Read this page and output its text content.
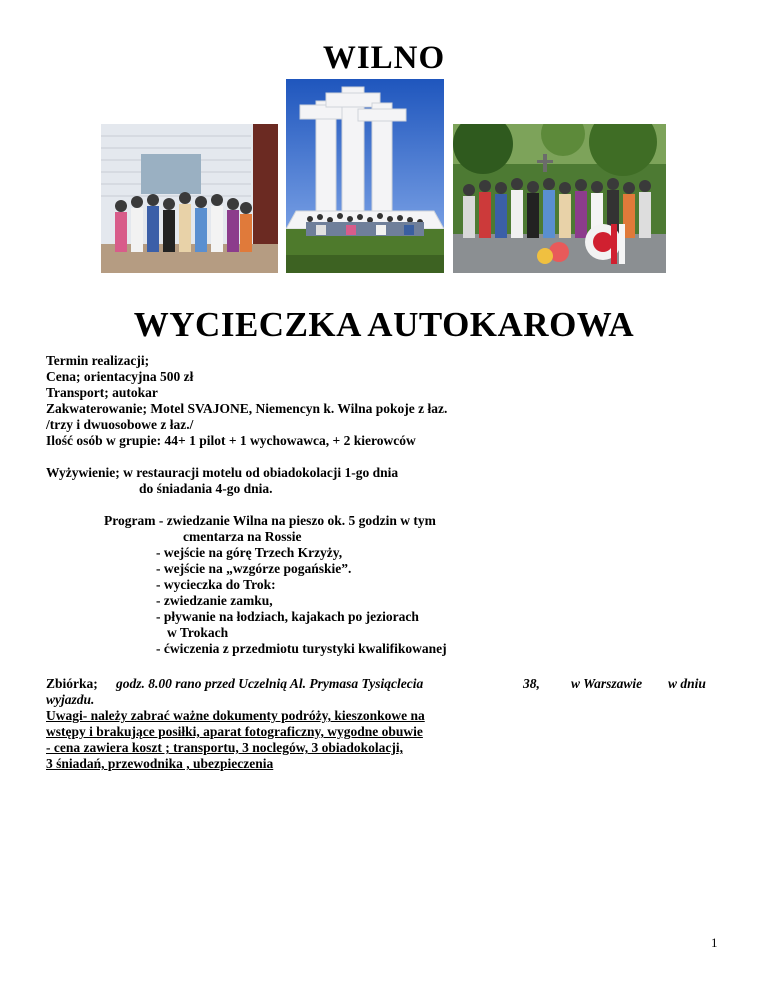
WILNO
WYCIECZKA AUTOKAROWA
Termin realizacji;
Cena; orientacyjna 500 zł
Transport; autokar
Zakwaterowanie; Motel SVAJONE, Niemencyn k. Wilna pokoje z łaz.
/trzy i dwuosobowe z łaz./
Ilość osób w grupie: 44+ 1 pilot + 1 wychowawca, + 2 kierowców
Wyżywienie; w restauracji motelu od obiadokolacji 1-go dnia
do śniadania 4-go dnia.
Program - zwiedzanie Wilna na pieszo ok. 5 godzin w tym
cmentarza na Rossie
- wejście na górę Trzech Krzyży,
- wejście na „wzgórze pogańskie”.
- wycieczka do Trok:
- zwiedzanie zamku,
- pływanie na łodziach, kajakach po jeziorach
w Trokach
- ćwiczenia z przedmiotu turystyki kwalifikowanej
Zbiórka; godz. 8.00 rano przed Uczelnią Al. Prymasa Tysiąclecia	38, w Warszawie w dniu
wyjazdu.
Uwagi- należy zabrać ważne dokumenty podróży, kieszonkowe na
wstępy i brakujące posiłki, aparat fotograficzny, wygodne obuwie
- cena zawiera koszt ; transportu, 3 noclegów, 3 obiadokolacji,
3 śniadań, przewodnika , ubezpieczenia
1
